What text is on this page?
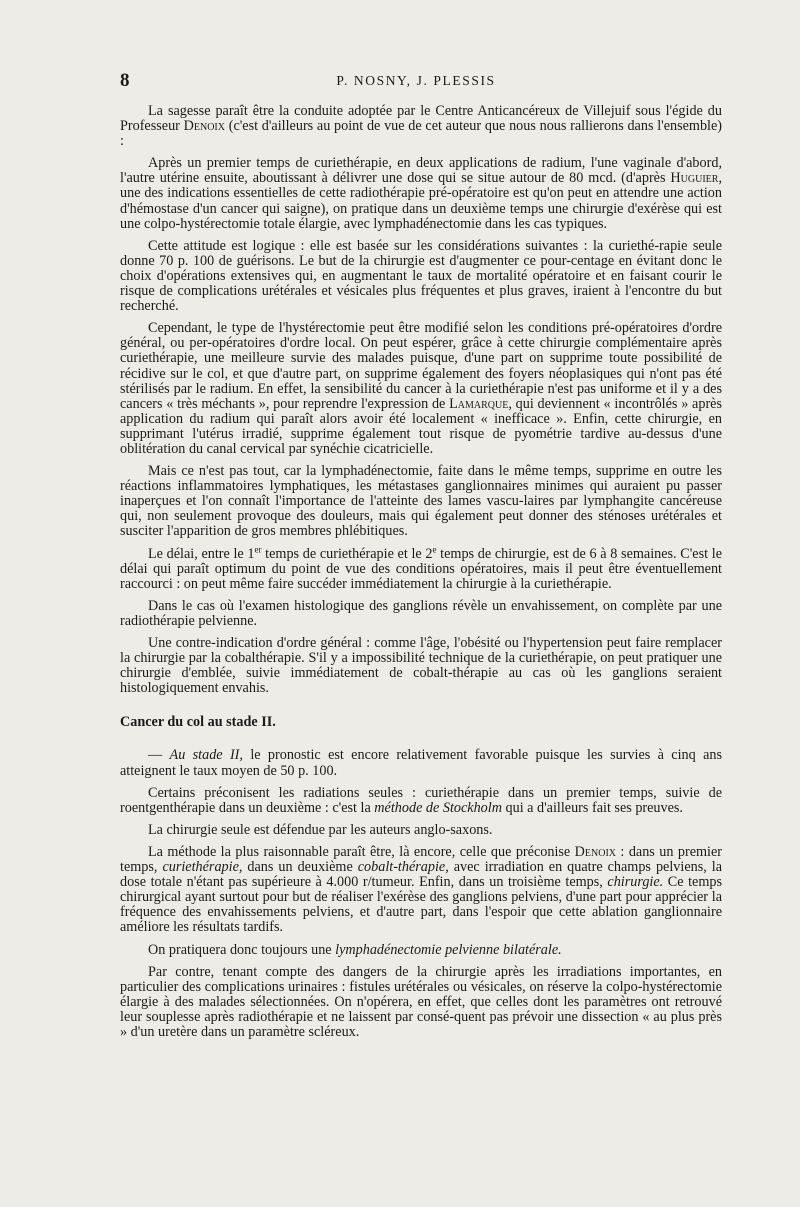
8	P. NOSNY, J. PLESSIS

La sagesse paraît être la conduite adoptée par le Centre Anticancéreux de Villejuif sous l'égide du Professeur Denoix (c'est d'ailleurs au point de vue de cet auteur que nous nous rallierons dans l'ensemble) :

Après un premier temps de curiethérapie, en deux applications de radium, l'une vaginale d'abord, l'autre utérine ensuite, aboutissant à délivrer une dose qui se situe autour de 80 mcd. (d'après Huguier, une des indications essentielles de cette radiothérapie pré-opératoire est qu'on peut en attendre une action d'hémostase d'un cancer qui saigne), on pratique dans un deuxième temps une chirurgie d'exérèse qui est une colpo-hystérectomie totale élargie, avec lymphadénectomie dans les cas typiques.

Cette attitude est logique : elle est basée sur les considérations suivantes : la curiethé-rapie seule donne 70 p. 100 de guérisons. Le but de la chirurgie est d'augmenter ce pour-centage en évitant donc le choix d'opérations extensives qui, en augmentant le taux de mortalité opératoire et en faisant courir le risque de complications urétérales et vésicales plus fréquentes et plus graves, iraient à l'encontre du but recherché.

Cependant, le type de l'hystérectomie peut être modifié selon les conditions pré-opératoires d'ordre général, ou per-opératoires d'ordre local. On peut espérer, grâce à cette chirurgie complémentaire après curiethérapie, une meilleure survie des malades puisque, d'une part on supprime toute possibilité de récidive sur le col, et que d'autre part, on supprime également des foyers néoplasiques qui n'ont pas été stérilisés par le radium. En effet, la sensibilité du cancer à la curiethérapie n'est pas uniforme et il y a des cancers « très méchants », pour reprendre l'expression de Lamarque, qui deviennent « incontrôlés » après application du radium qui paraît alors avoir été localement « inefficace ». Enfin, cette chirurgie, en supprimant l'utérus irradié, supprime également tout risque de pyométrie tardive au-dessus d'une oblitération du canal cervical par synéchie cicatricielle.

Mais ce n'est pas tout, car la lymphadénectomie, faite dans le même temps, supprime en outre les réactions inflammatoires lymphatiques, les métastases ganglionnaires minimes qui auraient pu passer inaperçues et l'on connaît l'importance de l'atteinte des lames vascu-laires par lymphangite cancéreuse qui, non seulement provoque des douleurs, mais qui également peut donner des sténoses urétérales et susciter l'apparition de gros membres phlébitiques.

Le délai, entre le 1er temps de curiethérapie et le 2e temps de chirurgie, est de 6 à 8 semaines. C'est le délai qui paraît optimum du point de vue des conditions opératoires, mais il peut être éventuellement raccourci : on peut même faire succéder immédiatement la chirurgie à la curiethérapie.

Dans le cas où l'examen histologique des ganglions révèle un envahissement, on complète par une radiothérapie pelvienne.

Une contre-indication d'ordre général : comme l'âge, l'obésité ou l'hypertension peut faire remplacer la chirurgie par la cobalthérapie. S'il y a impossibilité technique de la curiethérapie, on peut pratiquer une chirurgie d'emblée, suivie immédiatement de cobalt-thérapie au cas où les ganglions seraient histologiquement envahis.

Cancer du col au stade II.

— Au stade II, le pronostic est encore relativement favorable puisque les survies à cinq ans atteignent le taux moyen de 50 p. 100.

Certains préconisent les radiations seules : curiethérapie dans un premier temps, suivie de roentgenthérapie dans un deuxième : c'est la méthode de Stockholm qui a d'ailleurs fait ses preuves.

La chirurgie seule est défendue par les auteurs anglo-saxons.

La méthode la plus raisonnable paraît être, là encore, celle que préconise Denoix : dans un premier temps, curiethérapie, dans un deuxième cobalt-thérapie, avec irradiation en quatre champs pelviens, la dose totale n'étant pas supérieure à 4.000 r/tumeur. Enfin, dans un troisième temps, chirurgie. Ce temps chirurgical ayant surtout pour but de réaliser l'exérèse des ganglions pelviens, d'une part pour apprécier la fréquence des envahissements pelviens, et d'autre part, dans l'espoir que cette ablation ganglionnaire améliore les résultats tardifs.

On pratiquera donc toujours une lymphadénectomie pelvienne bilatérale.

Par contre, tenant compte des dangers de la chirurgie après les irradiations importantes, en particulier des complications urinaires : fistules urétérales ou vésicales, on réserve la colpo-hystérectomie élargie à des malades sélectionnées. On n'opérera, en effet, que celles dont les paramètres ont retrouvé leur souplesse après radiothérapie et ne laissent par consé-quent pas prévoir une dissection « au plus près » d'un uretère dans un paramètre scléreux.
